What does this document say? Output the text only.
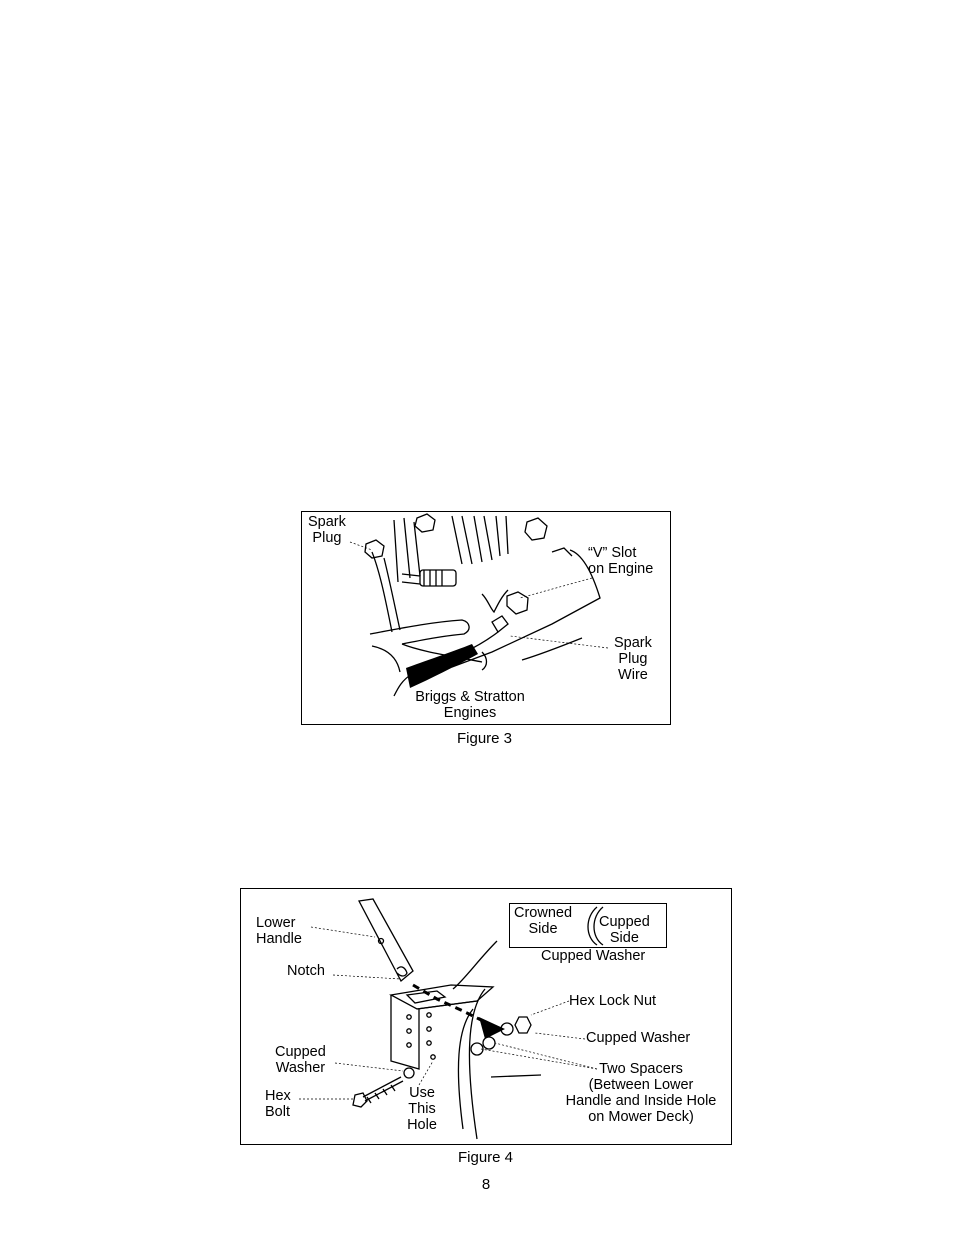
Spark
Plug
“V” Slot
on Engine
Spark
Plug
Wire
Briggs & Stratton
Engines
Figure 3
Lower
Handle
Notch
Cupped
Washer
Hex
Bolt
Use
This
Hole
Crowned
Side	Cupped
Side
Cupped Washer
Hex Lock Nut
Cupped Washer
Two Spacers
(Between Lower
Handle and Inside Hole
on Mower Deck)
Figure 4
8
